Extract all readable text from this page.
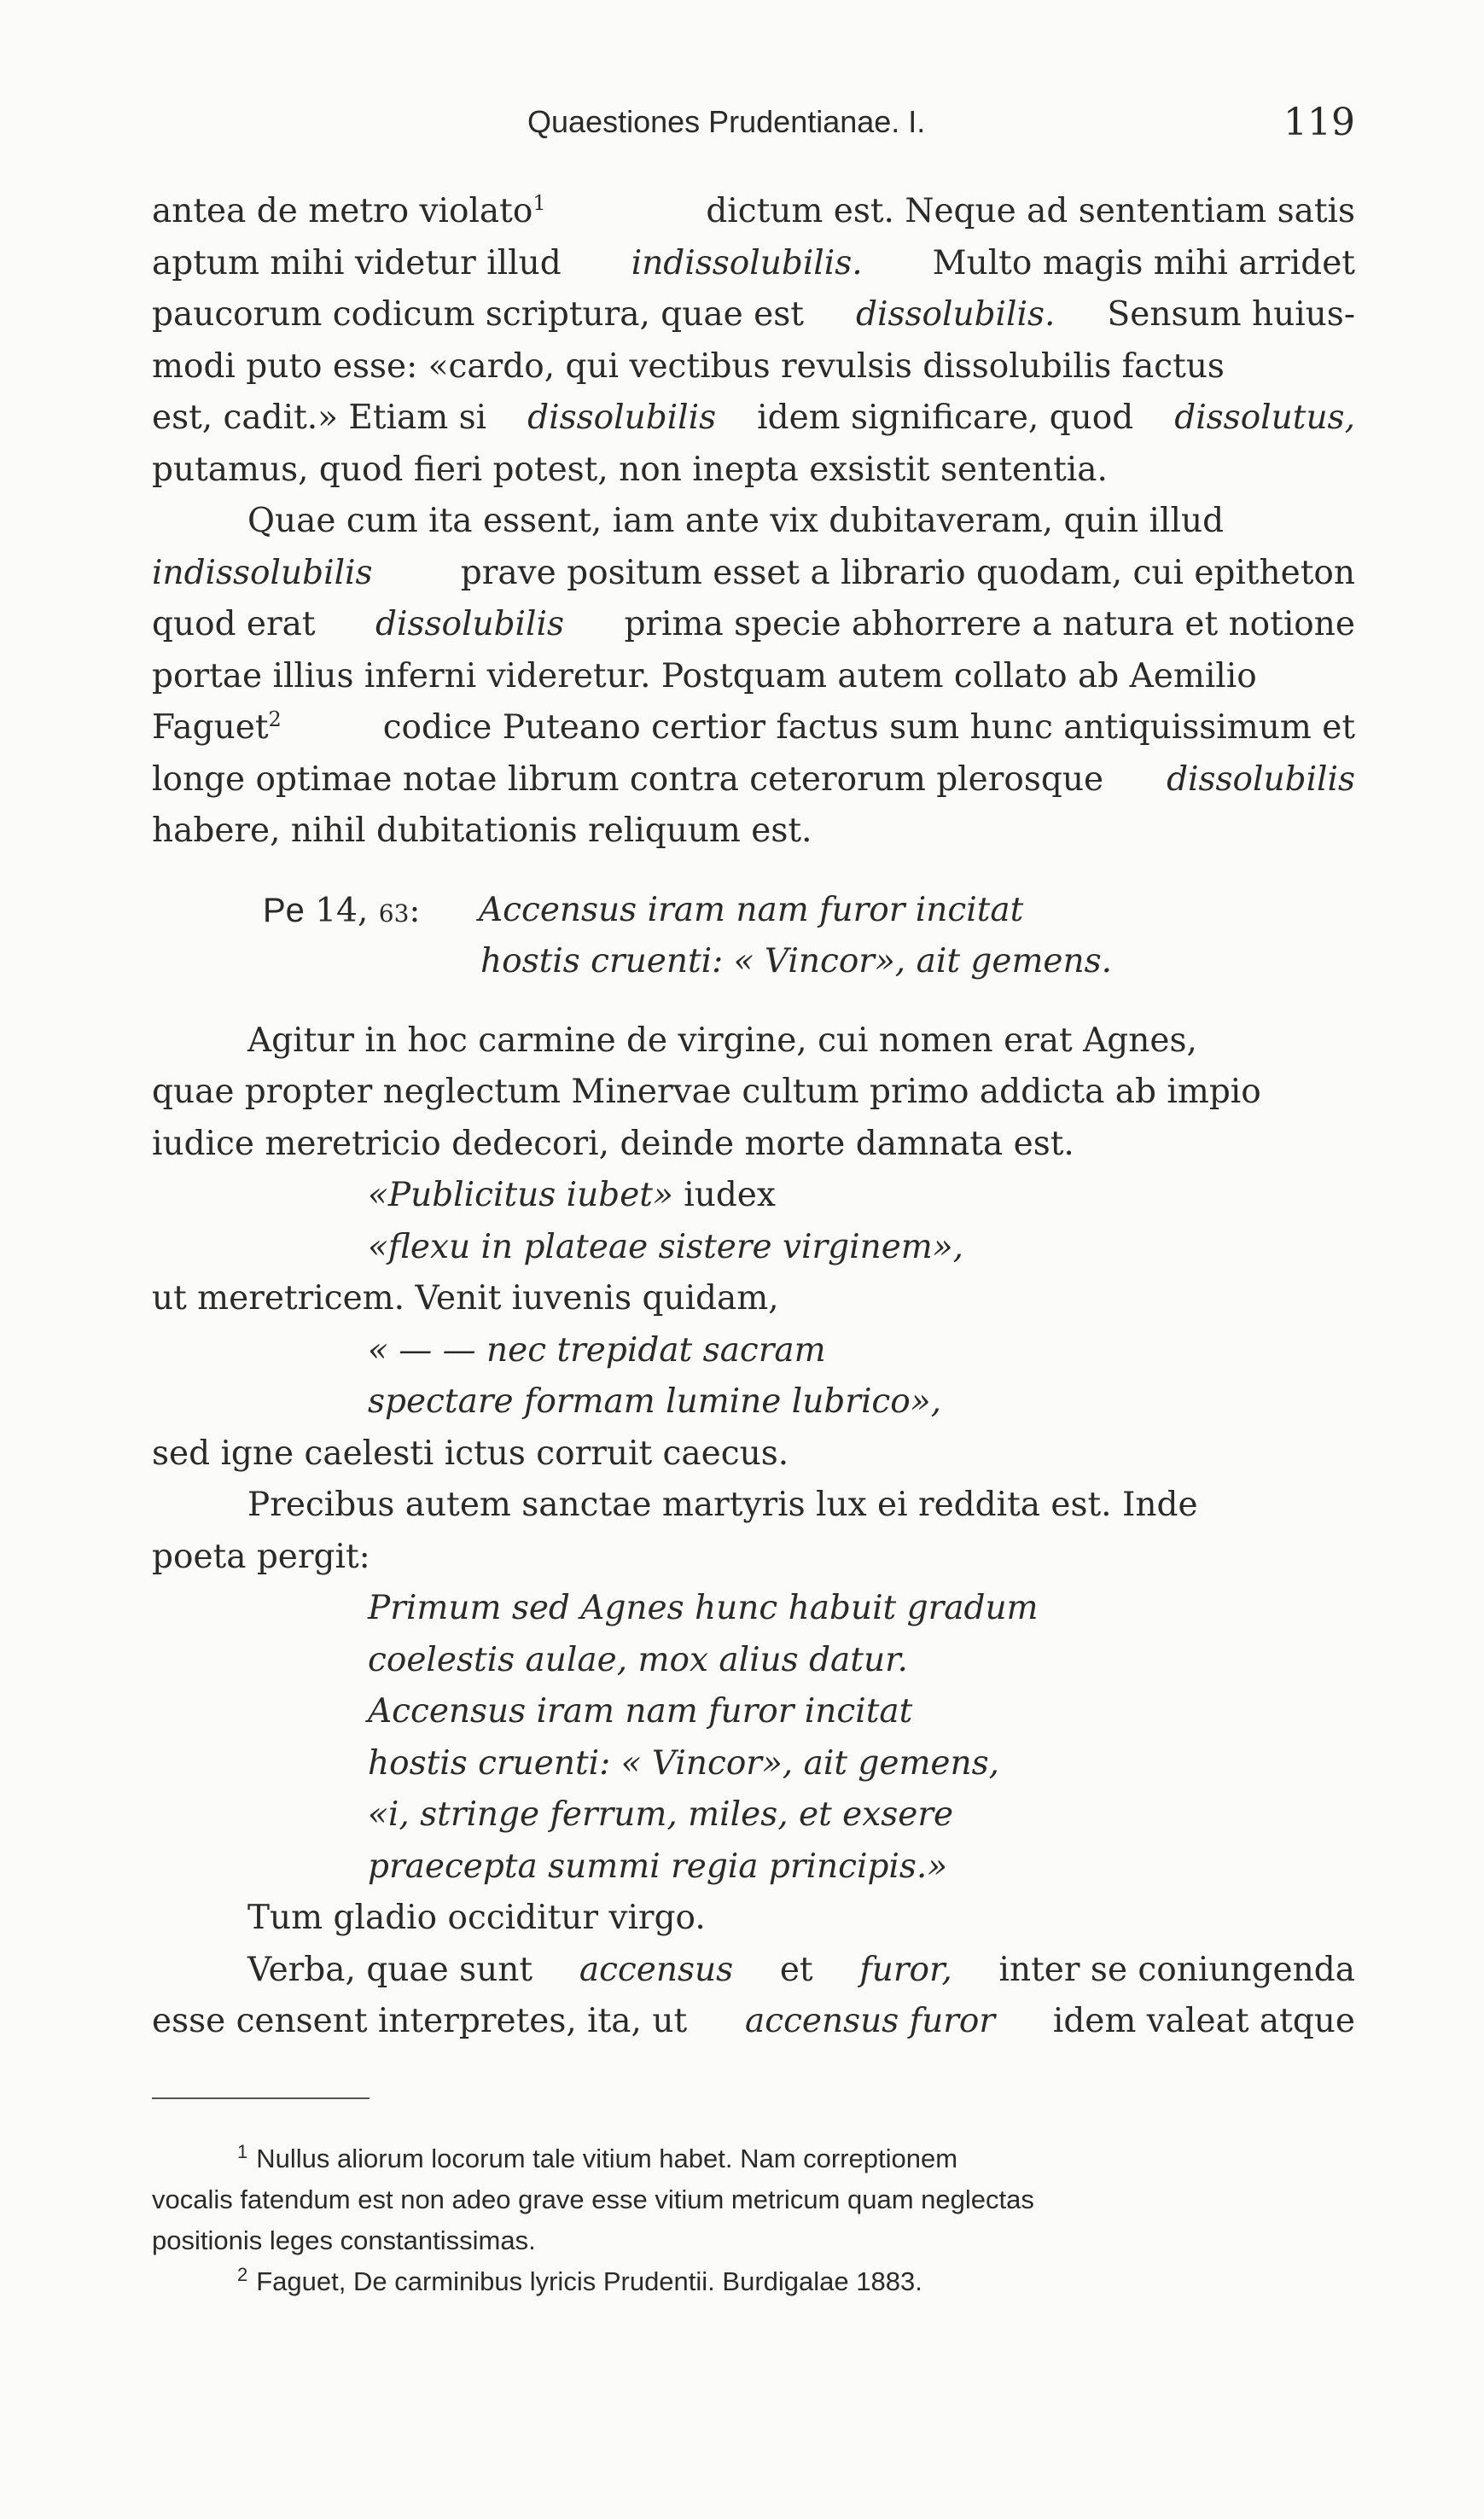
Quaestiones Prudentianae. I.	119
antea de metro violato$^1$	dictum est. Neque ad sententiam satis
aptum mihi videtur illud indissolubilis. Multo magis mihi arridet
paucorum codicum scriptura, quae est dissolubilis. Sensum huius-
modi puto esse: «cardo, qui vectibus revulsis dissolubilis factus
est, cadit.» Etiam si dissolubilis idem significare, quod dissolutus,
putamus, quod fieri potest, non inepta exsistit sententia.
Quae cum ita essent, iam ante vix dubitaveram, quin illud
indissolubilis	prave positum esset a librario quodam, cui epitheton
quod erat dissolubilis prima specie abhorrere a natura et notione
portae illius inferni videretur. Postquam autem collato ab Aemilio
Faguet$^2$	codice Puteano certior factus sum hunc antiquissimum et
longe optimae notae librum contra ceterorum plerosque dissolubilis
habere, nihil dubitationis reliquum est.
Pe 14, 63:	Accensus iram nam furor incitat
hostis cruenti: « Vincor», ait gemens.
Agitur in hoc carmine de virgine, cui nomen erat Agnes,
quae propter neglectum Minervae cultum primo addicta ab impio
iudice meretricio dedecori, deinde morte damnata est.
«Publicitus iubet» iudex
«flexu in plateae sistere virginem»,
ut meretricem. Venit iuvenis quidam,
« — — nec trepidat sacram
spectare formam lumine lubrico»,
sed igne caelesti ictus corruit caecus.
Precibus autem sanctae martyris lux ei reddita est. Inde
poeta pergit:
Primum sed Agnes hunc habuit gradum
coelestis aulae, mox alius datur.
Accensus iram nam furor incitat
hostis cruenti: « Vincor», ait gemens,
«i, stringe ferrum, miles, et exsere
praecepta summi regia principis.»
Tum gladio occiditur virgo.
Verba, quae sunt accensus et furor, inter se coniungenda
esse censent interpretes, ita, ut accensus furor idem valeat atque
$^1$ Nullus aliorum locorum tale vitium habet. Nam correptionem
vocalis fatendum est non adeo grave esse vitium metricum quam neglectas
positionis leges constantissimas.
$^2$ Faguet, De carminibus lyricis Prudentii. Burdigalae 1883.
